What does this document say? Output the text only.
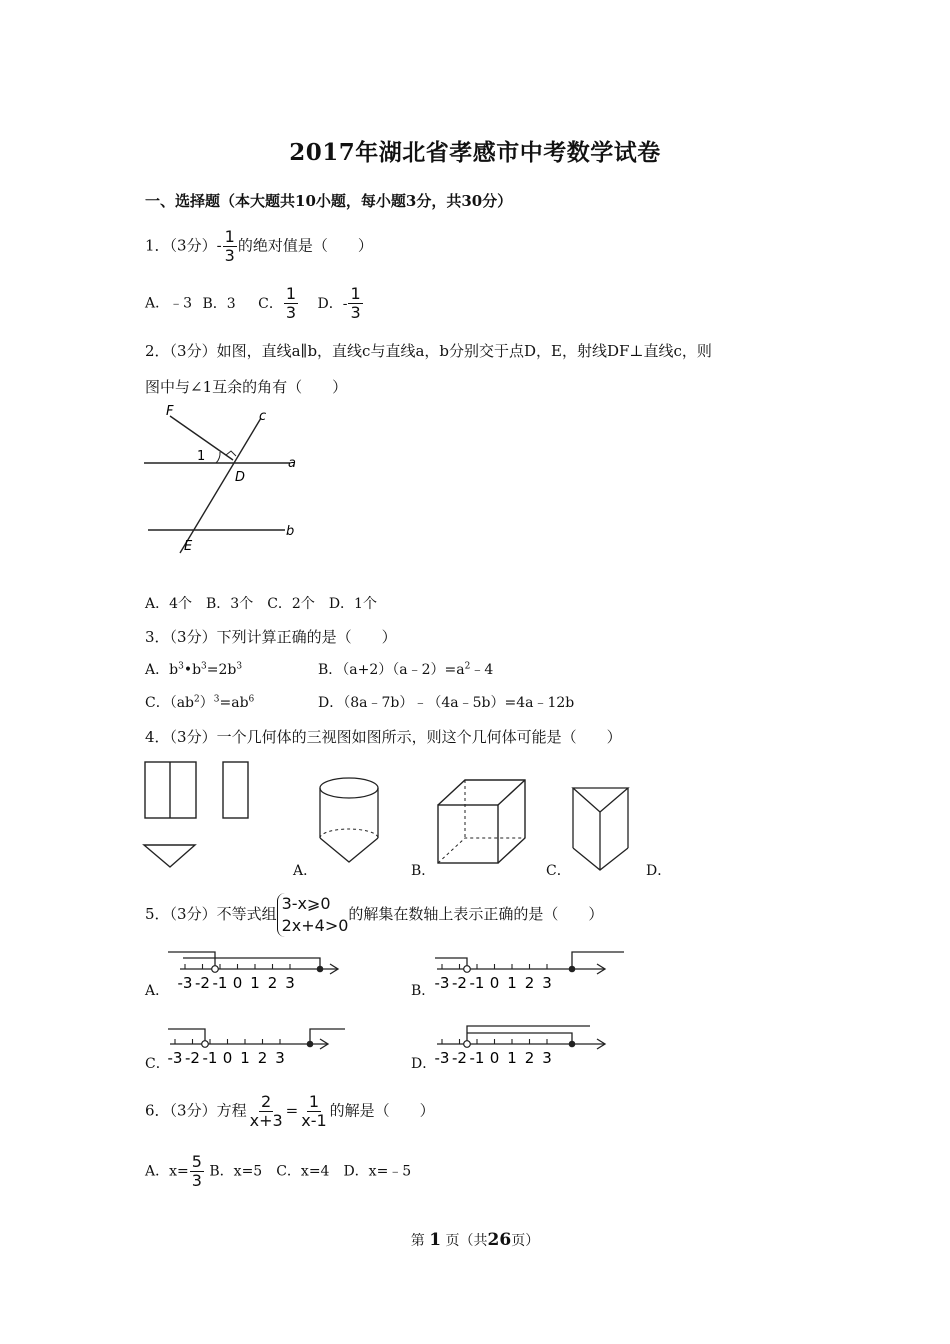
2017年湖北省孝感市中考数学试卷
一、选择题（本大题共10小题，每小题3分，共30分）
1．（3分）- $\frac{1}{3}$ 的绝对值是（　　）
A．﹣3 B．3 C． $\frac{1}{3}$ D．- $\frac{1}{3}$
2．（3分）如图，直线a∥b，直线c与直线a，b分别交于点D，E，射线DF⊥直线c，则
图中与∠1互余的角有（　　）
F	c
1
D
a
b
E
A．4个　B．3个　C．2个　D．1个
3．（3分）下列计算正确的是（　　）
A．$b^3•b^3=2b^3$	B．$(a+2)(a﹣2)=a^2﹣4$
C．$(ab^2)^3=ab^6$	D．（8a﹣7b）﹣（4a﹣5b）=4a﹣12b
4．（3分）一个几何体的三视图如图所示，则这个几何体可能是（　　）
A．	B．	C．	D．
5．（3分）不等式组
3-x⩾0
2x+4>0
的解集在数轴上表示正确的是（　　）
-3 -2 -1 0 1 2 3
A．	-3 -2 -1 0 1 2 3
B．
-3 -2 -1 0 1 2 3
C．	-3 -2 -1 0 1 2 3
D．
6．（3分）方程 $\frac{2}{x+3} = \frac{1}{x-1}$ 的解是（　　）
A．$x= \frac{5}{3}$ B．x=5　C．x=4　D．x=﹣5
第 1 页（共26页）
